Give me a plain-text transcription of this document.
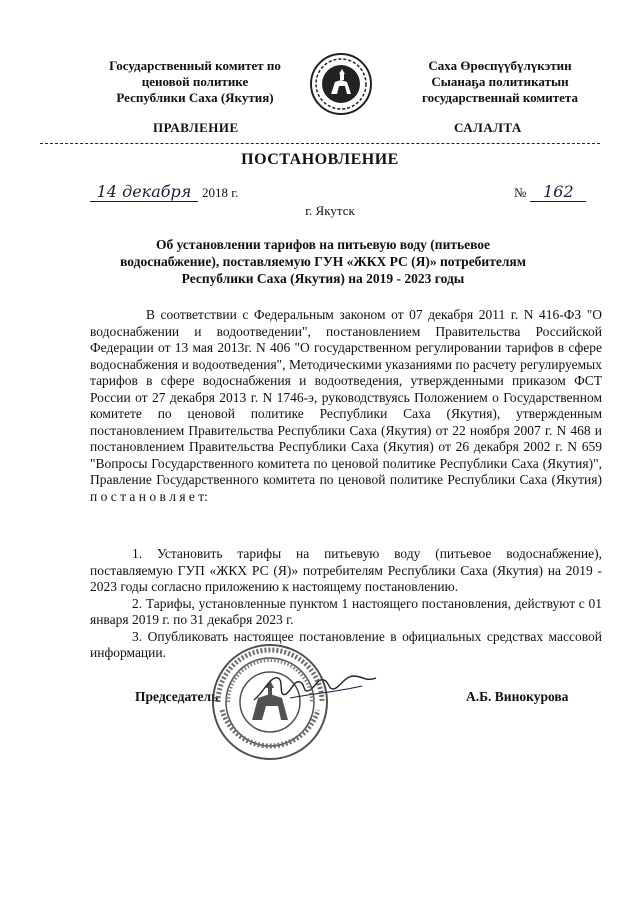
Государственный комитет по
ценовой политике
Республики Саха (Якутия)
Саха Өрөспүүбүлүкэтин
Сыанаҕа политикатын
государственнай комитета
ПРАВЛЕНИЕ	САЛАЛТА
ПОСТАНОВЛЕНИЕ
14 декабря 2018 г.	№ 162
г. Якутск
Об установлении тарифов на питьевую воду (питьевое водоснабжение), поставляемую ГУН «ЖКХ РС (Я)» потребителям Республики Саха (Якутия) на 2019 - 2023 годы

В соответствии с Федеральным законом от 07 декабря 2011 г. N 416-ФЗ "О водоснабжении и водоотведении", постановлением Правительства Российской Федерации от 13 мая 2013г. N 406 "О государственном регулировании тарифов в сфере водоснабжения и водоотведения", Методическими указаниями по расчету регулируемых тарифов в сфере водоснабжения и водоотведения, утвержденными приказом ФСТ России от 27 декабря 2013 г. N 1746-э, руководствуясь Положением о Государственном комитете по ценовой политике Республики Саха (Якутия), утвержденным постановлением Правительства Республики Саха (Якутия) от 22 ноября 2007 г. N 468 и постановлением Правительства Республики Саха (Якутия) от 26 декабря 2002 г. N 659 "Вопросы Государственного комитета по ценовой политике Республики Саха (Якутия)", Правление Государственного комитета по ценовой политике Республики Саха (Якутия) п о с т а н о в л я е т:

1. Установить тарифы на питьевую воду (питьевое водоснабжение), поставляемую ГУП «ЖКХ РС (Я)» потребителям Республики Саха (Якутия) на 2019 - 2023 годы согласно приложению к настоящему постановлению.

2. Тарифы, установленные пунктом 1 настоящего постановления, действуют с 01 января 2019 г. по 31 декабря 2023 г.

3. Опубликовать настоящее постановление в официальных средствах массовой информации.

Председатель	А.Б. Винокурова
